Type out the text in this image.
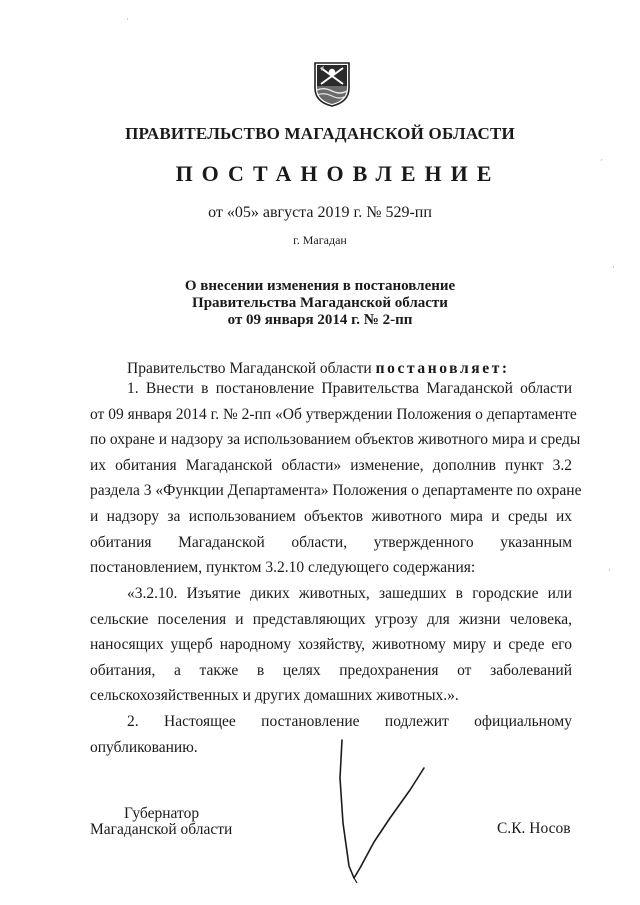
ПРАВИТЕЛЬСТВО МАГАДАНСКОЙ ОБЛАСТИ
ПОСТАНОВЛЕНИЕ
от «05» августа 2019 г. № 529-пп
г. Магадан
О внесении изменения в постановление
Правительства Магаданской области
от 09 января 2014 г. № 2-пп
Правительство Магаданской области постановляет:
1. Внести в постановление Правительства Магаданской области
от 09 января 2014 г. № 2-пп «Об утверждении Положения о департаменте
по охране и надзору за использованием объектов животного мира и среды
их обитания Магаданской области» изменение, дополнив пункт 3.2
раздела 3 «Функции Департамента» Положения о департаменте по охране
и надзору за использованием объектов животного мира и среды их
обитания Магаданской области, утвержденного указанным
постановлением, пунктом 3.2.10 следующего содержания:
«3.2.10. Изъятие диких животных, зашедших в городские или
сельские поселения и представляющих угрозу для жизни человека,
наносящих ущерб народному хозяйству, животному миру и среде его
обитания, а также в целях предохранения от заболеваний
сельскохозяйственных и других домашних животных.».
2. Настоящее постановление подлежит официальному
опубликованию.
Губернатор
Магаданской области	С.К. Носов
·
·
·
·
